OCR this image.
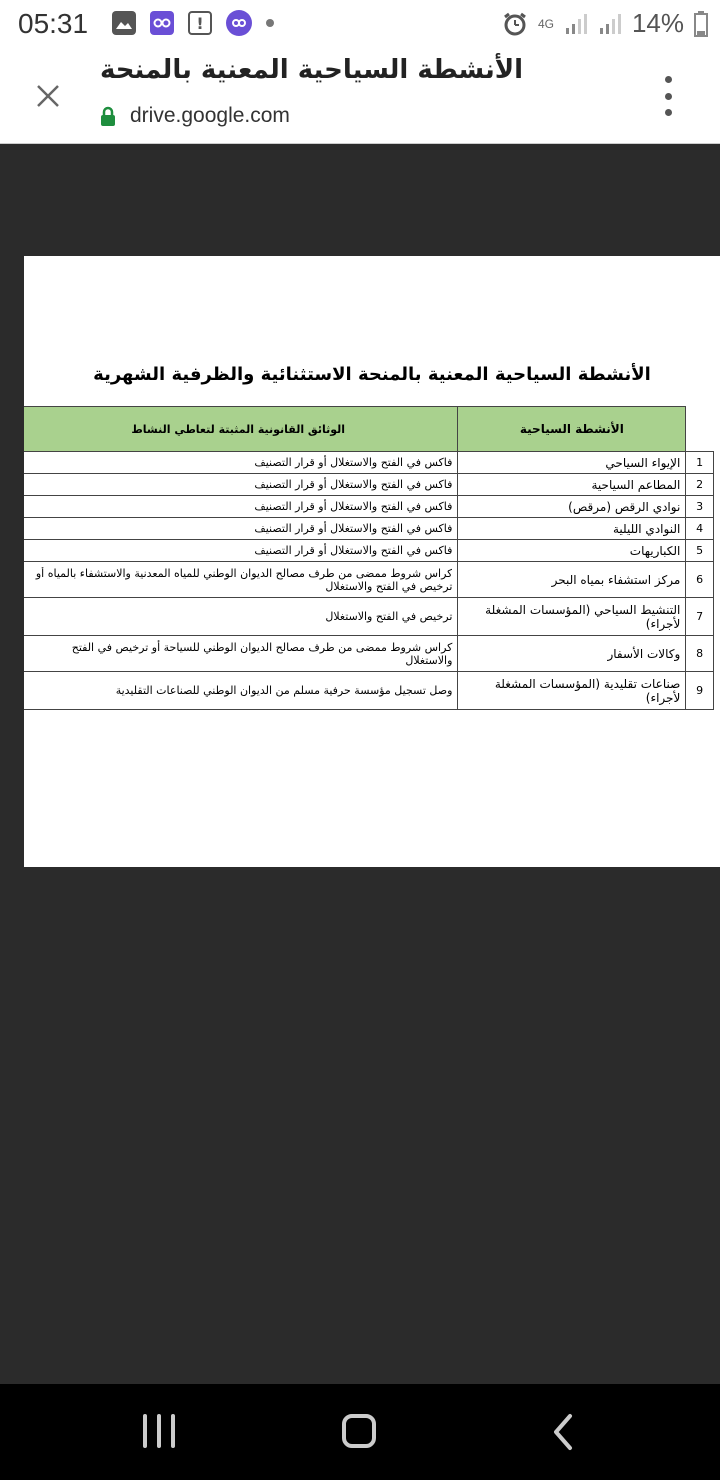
05:31	!	4G	14%
الأنشطة السياحية المعنية بالمنحة
drive.google.com
الأنشطة السياحية المعنية بالمنحة الاستثنائية والظرفية الشهرية
	الأنشطة السياحية	الوثائق القانونية المثبتة لتعاطي النشاط
1	الإيواء السياحي	فاكس في الفتح والاستغلال أو قرار التصنيف
2	المطاعم السياحية	فاكس في الفتح والاستغلال أو قرار التصنيف
3	نوادي الرقص (مرقص)	فاكس في الفتح والاستغلال أو قرار التصنيف
4	النوادي الليلية	فاكس في الفتح والاستغلال أو قرار التصنيف
5	الكباريهات	فاكس في الفتح والاستغلال أو قرار التصنيف
6	مركز استشفاء بمياه البحر	كراس شروط ممضى من طرف مصالح الديوان الوطني للمياه المعدنية والاستشفاء بالمياه أو
ترخيص في الفتح والاستغلال

7	التنشيط السياحي (المؤسسات المشغلة لأجراء)	ترخيص في الفتح والاستغلال
8	وكالات الأسفار	كراس شروط ممضى من طرف مصالح الديوان الوطني للسياحة أو ترخيص في الفتح والاستغلال
9	صناعات تقليدية (المؤسسات المشغلة لأجراء)	وصل تسجيل مؤسسة حرفية مسلم من الديوان الوطني للصناعات التقليدية
